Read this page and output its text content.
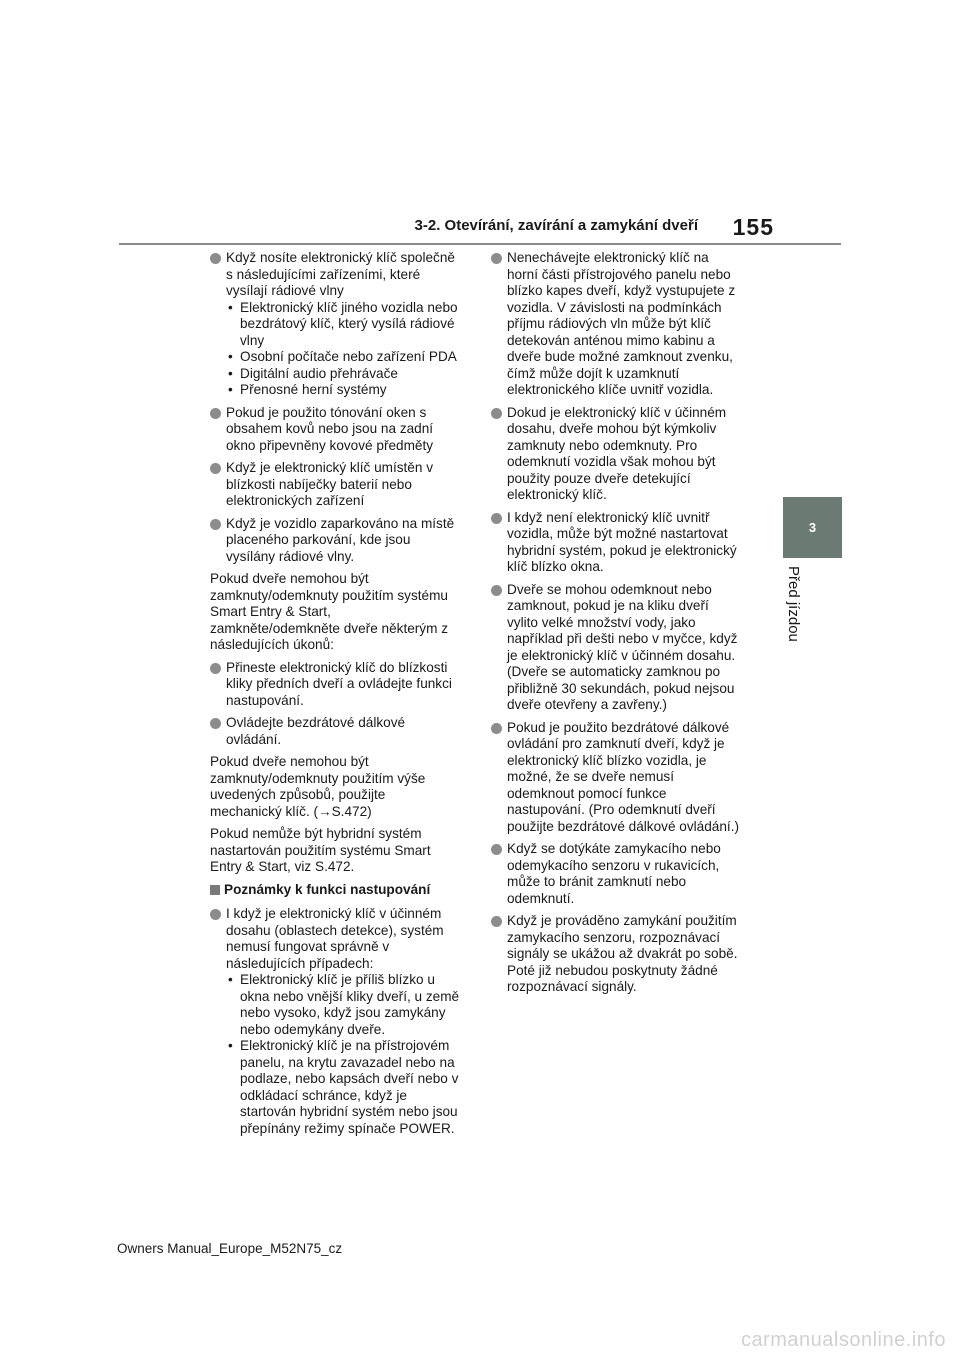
3-2. Otevírání, zavírání a zamykání dveří 155
3
Před jízdou
Když nosíte elektronický klíč společně s následujícími zařízeními, které vysílají rádiové vlny
• Elektronický klíč jiného vozidla nebo bezdrátový klíč, který vysílá rádiové vlny
• Osobní počítače nebo zařízení PDA
• Digitální audio přehrávače
• Přenosné herní systémy
Pokud je použito tónování oken s obsahem kovů nebo jsou na zadní okno připevněny kovové předměty
Když je elektronický klíč umístěn v blízkosti nabíječky baterií nebo elektronických zařízení
Když je vozidlo zaparkováno na místě placeného parkování, kde jsou vysílány rádiové vlny.

Pokud dveře nemohou být zamknuty/odemknuty použitím systému Smart Entry & Start, zamkněte/odemkněte dveře některým z následujících úkonů:

Přineste elektronický klíč do blízkosti kliky předních dveří a ovládejte funkci nastupování.
Ovládejte bezdrátové dálkové ovládání.

Pokud dveře nemohou být zamknuty/odemknuty použitím výše uvedených způsobů, použijte mechanický klíč. (→S.472)

Pokud nemůže být hybridní systém nastartován použitím systému Smart Entry & Start, viz S.472.

Poznámky k funkci nastupování
I když je elektronický klíč v účinném dosahu (oblastech detekce), systém nemusí fungovat správně v následujících případech:
• Elektronický klíč je příliš blízko u okna nebo vnější kliky dveří, u země nebo vysoko, když jsou zamykány nebo odemykány dveře.
• Elektronický klíč je na přístrojovém panelu, na krytu zavazadel nebo na podlaze, nebo kapsách dveří nebo v odkládací schránce, když je startován hybridní systém nebo jsou přepínány režimy spínače POWER.
Nenechávejte elektronický klíč na horní části přístrojového panelu nebo blízko kapes dveří, když vystupujete z vozidla. V závislosti na podmínkách příjmu rádiových vln může být klíč detekován anténou mimo kabinu a dveře bude možné zamknout zvenku, čímž může dojít k uzamknutí elektronického klíče uvnitř vozidla.
Dokud je elektronický klíč v účinném dosahu, dveře mohou být kýmkoliv zamknuty nebo odemknuty. Pro odemknutí vozidla však mohou být použity pouze dveře detekující elektronický klíč.
I když není elektronický klíč uvnitř vozidla, může být možné nastartovat hybridní systém, pokud je elektronický klíč blízko okna.
Dveře se mohou odemknout nebo zamknout, pokud je na kliku dveří vylito velké množství vody, jako například při dešti nebo v myčce, když je elektronický klíč v účinném dosahu. (Dveře se automaticky zamknou po přibližně 30 sekundách, pokud nejsou dveře otevřeny a zavřeny.)
Pokud je použito bezdrátové dálkové ovládání pro zamknutí dveří, když je elektronický klíč blízko vozidla, je možné, že se dveře nemusí odemknout pomocí funkce nastupování. (Pro odemknutí dveří použijte bezdrátové dálkové ovládání.)
Když se dotýkáte zamykacího nebo odemykacího senzoru v rukavicích, může to bránit zamknutí nebo odemknutí.
Když je prováděno zamykání použitím zamykacího senzoru, rozpoznávací signály se ukážou až dvakrát po sobě. Poté již nebudou poskytnuty žádné rozpoznávací signály.
Owners Manual_Europe_M52N75_cz
carmanualsonline.info
